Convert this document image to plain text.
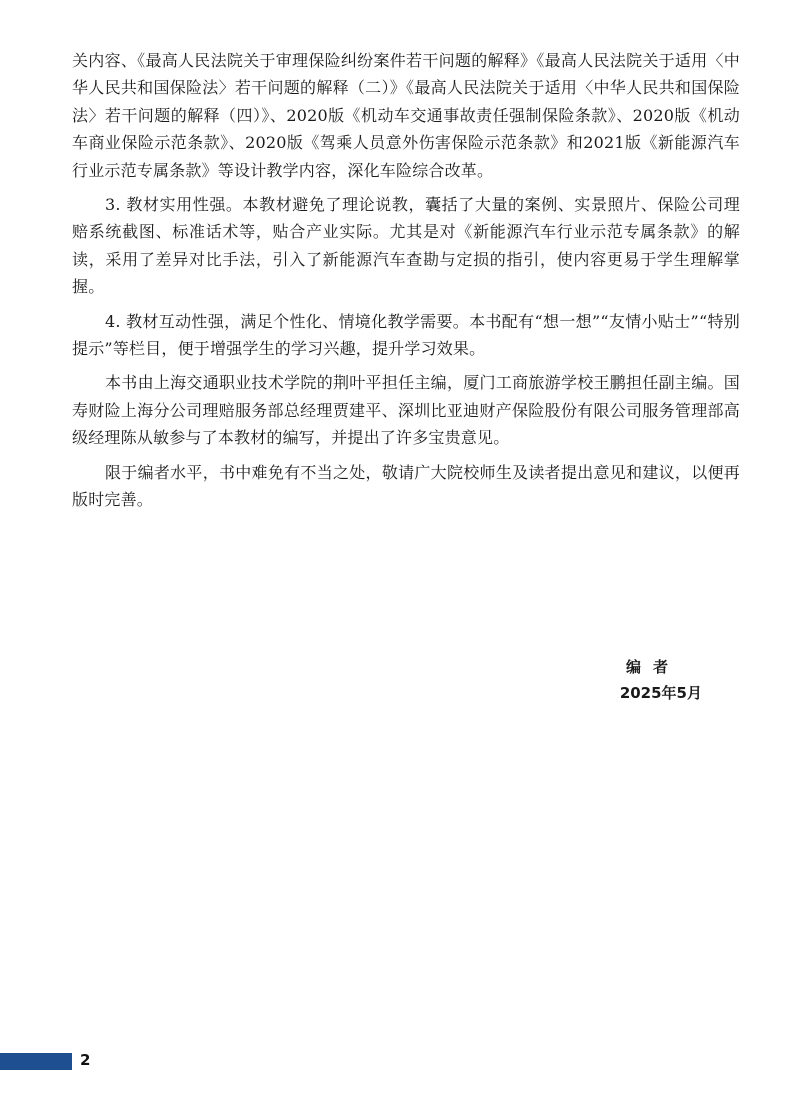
关内容、《最高人民法院关于审理保险纠纷案件若干问题的解释》《最高人民法院关于适用〈中华人民共和国保险法〉若干问题的解释（二）》《最高人民法院关于适用〈中华人民共和国保险法〉若干问题的解释（四）》、2020版《机动车交通事故责任强制保险条款》、2020版《机动车商业保险示范条款》、2020版《驾乘人员意外伤害保险示范条款》和2021版《新能源汽车行业示范专属条款》等设计教学内容，深化车险综合改革。

3. 教材实用性强。本教材避免了理论说教，囊括了大量的案例、实景照片、保险公司理赔系统截图、标准话术等，贴合产业实际。尤其是对《新能源汽车行业示范专属条款》的解读，采用了差异对比手法，引入了新能源汽车查勘与定损的指引，使内容更易于学生理解掌握。

4. 教材互动性强，满足个性化、情境化教学需要。本书配有“想一想”“友情小贴士”“特别提示”等栏目，便于增强学生的学习兴趣，提升学习效果。

本书由上海交通职业技术学院的荆叶平担任主编，厦门工商旅游学校王鹏担任副主编。国寿财险上海分公司理赔服务部总经理贾建平、深圳比亚迪财产保险股份有限公司服务管理部高级经理陈从敏参与了本教材的编写，并提出了许多宝贵意见。

限于编者水平，书中难免有不当之处，敬请广大院校师生及读者提出意见和建议，以便再版时完善。

编者
2025年5月
2
